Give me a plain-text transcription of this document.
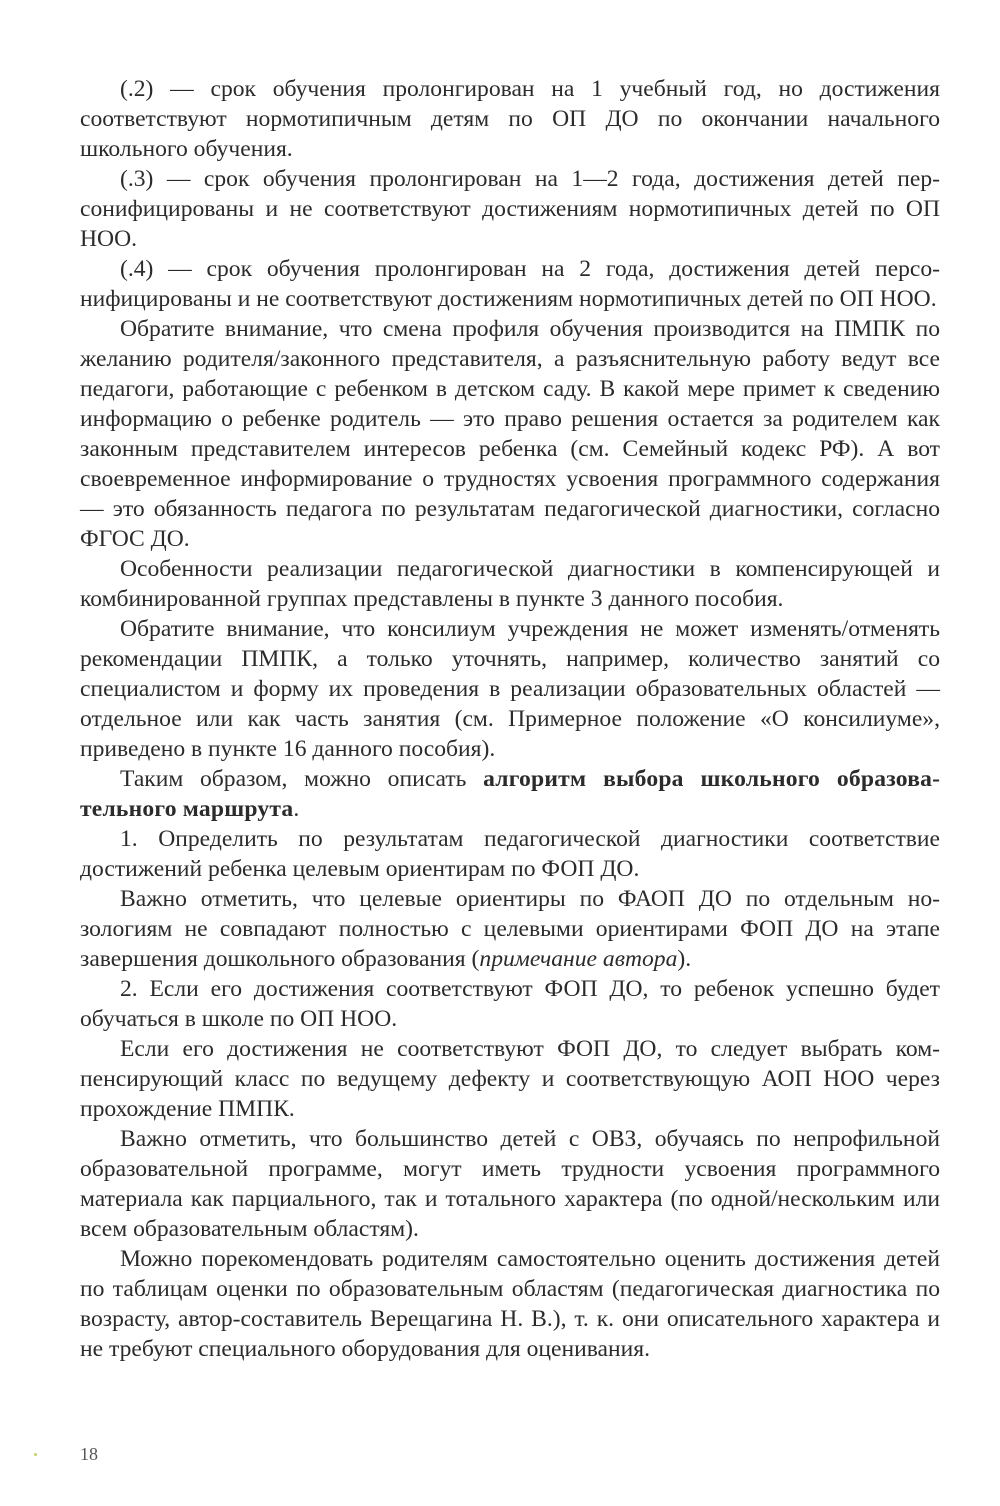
(.2) — срок обучения пролонгирован на 1 учебный год, но достижения соответствуют нормотипичным детям по ОП ДО по окончании начального школьного обучения.

(.3) — срок обучения пролонгирован на 1—2 года, достижения детей персонифицированы и не соответствуют достижениям нормотипичных детей по ОП НОО.

(.4) — срок обучения пролонгирован на 2 года, достижения детей персонифицированы и не соответствуют достижениям нормотипичных детей по ОП НОО.

Обратите внимание, что смена профиля обучения производится на ПМПК по желанию родителя/законного представителя, а разъяснительную работу ведут все педагоги, работающие с ребенком в детском саду. В какой мере примет к сведению информацию о ребенке родитель — это право решения остается за родителем как законным представителем интересов ребенка (см. Семейный кодекс РФ). А вот своевременное информирование о трудностях усвоения программного содержания — это обязанность педагога по результатам педагогической диагностики, согласно ФГОС ДО.

Особенности реализации педагогической диагностики в компенсирующей и комбинированной группах представлены в пункте 3 данного пособия.

Обратите внимание, что консилиум учреждения не может изменять/отменять рекомендации ПМПК, а только уточнять, например, количество занятий со специалистом и форму их проведения в реализации образовательных областей — отдельное или как часть занятия (см. Примерное положение «О консилиуме», приведено в пункте 16 данного пособия).

Таким образом, можно описать алгоритм выбора школьного образовательного маршрута.

1. Определить по результатам педагогической диагностики соответствие достижений ребенка целевым ориентирам по ФОП ДО.

Важно отметить, что целевые ориентиры по ФАОП ДО по отдельным нозологиям не совпадают полностью с целевыми ориентирами ФОП ДО на этапе завершения дошкольного образования (примечание автора).

2. Если его достижения соответствуют ФОП ДО, то ребенок успешно будет обучаться в школе по ОП НОО.

Если его достижения не соответствуют ФОП ДО, то следует выбрать компенсирующий класс по ведущему дефекту и соответствующую АОП НОО через прохождение ПМПК.

Важно отметить, что большинство детей с ОВЗ, обучаясь по непрофильной образовательной программе, могут иметь трудности усвоения программного материала как парциального, так и тотального характера (по одной/нескольким или всем образовательным областям).

Можно порекомендовать родителям самостоятельно оценить достижения детей по таблицам оценки по образовательным областям (педагогическая диагностика по возрасту, автор-составитель Верещагина Н. В.), т. к. они описательного характера и не требуют специального оборудования для оценивания.

18
